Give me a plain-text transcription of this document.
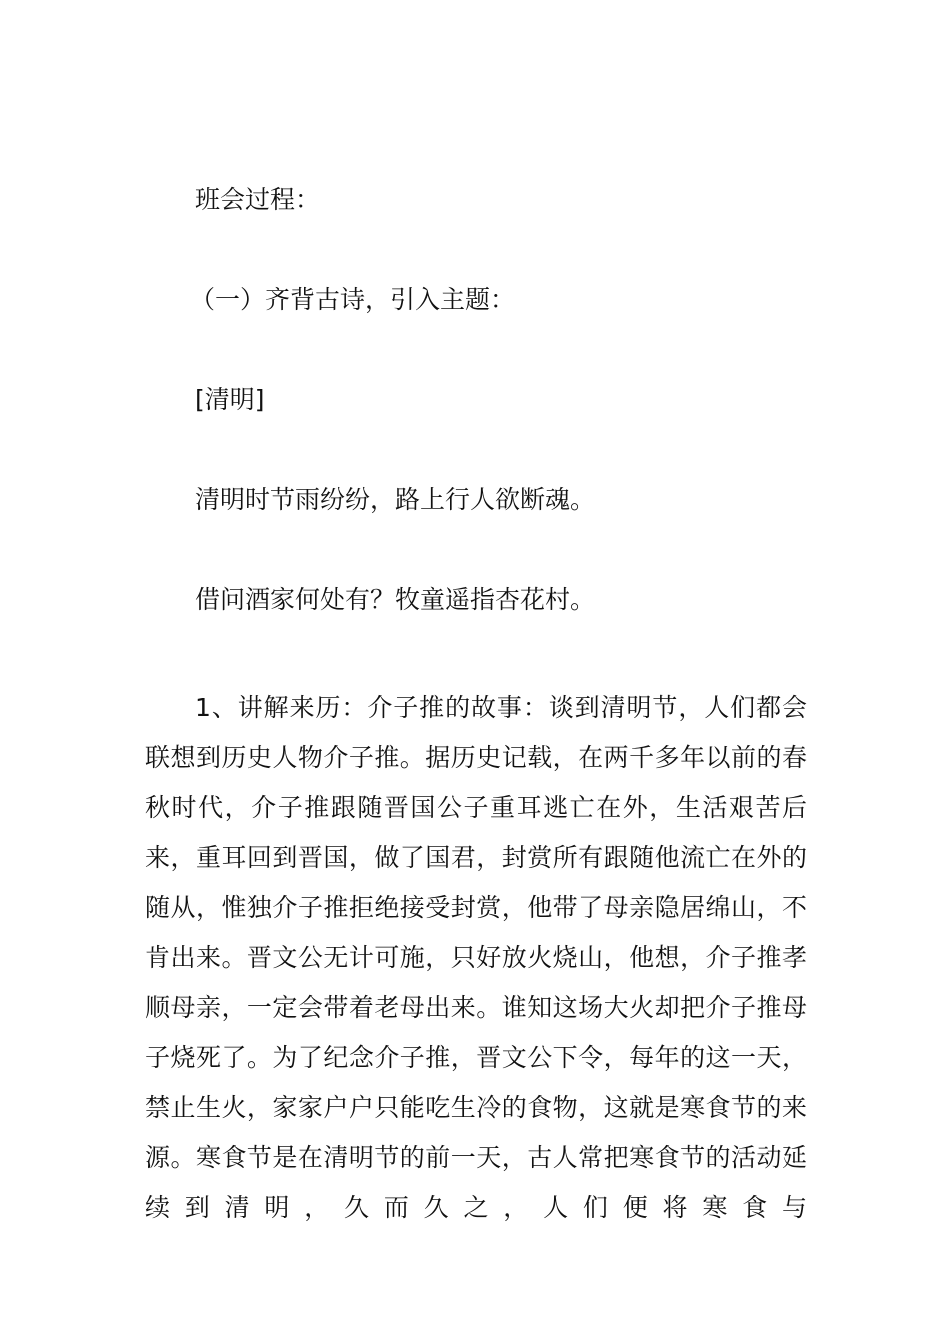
班会过程：

（一）齐背古诗，引入主题：

[清明]

清明时节雨纷纷，路上行人欲断魂。

借问酒家何处有？牧童遥指杏花村。

1、讲解来历：介子推的故事：谈到清明节，人们都会联想到历史人物介子推。据历史记载，在两千多年以前的春秋时代，介子推跟随晋国公子重耳逃亡在外，生活艰苦后来，重耳回到晋国，做了国君，封赏所有跟随他流亡在外的随从，惟独介子推拒绝接受封赏，他带了母亲隐居绵山，不肯出来。晋文公无计可施，只好放火烧山，他想，介子推孝顺母亲，一定会带着老母出来。谁知这场大火却把介子推母子烧死了。为了纪念介子推，晋文公下令，每年的这一天，禁止生火，家家户户只能吃生冷的食物，这就是寒食节的来源。寒食节是在清明节的前一天，古人常把寒食节的活动延续到清明，久而久之，人们便将寒食与
